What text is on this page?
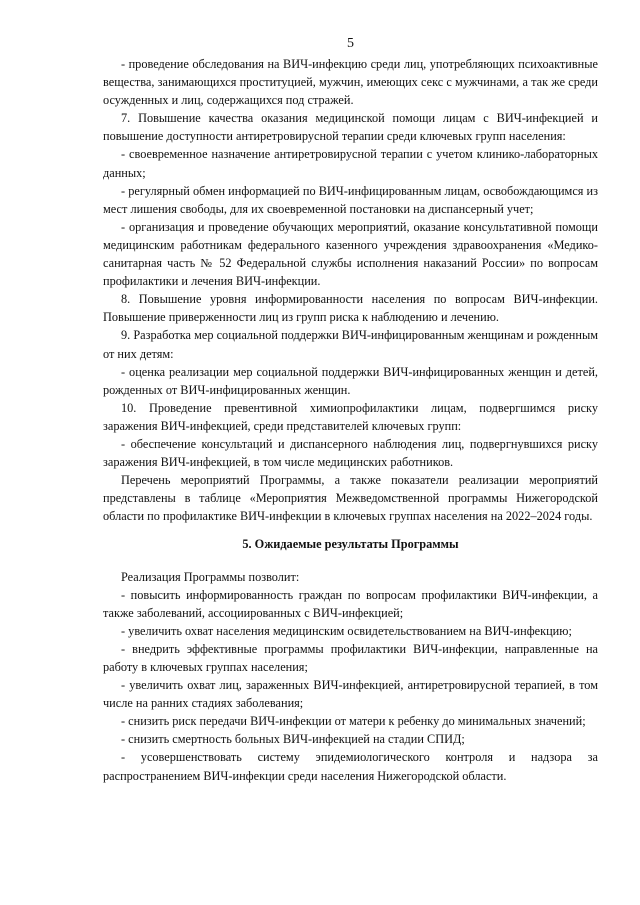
5

- проведение обследования на ВИЧ-инфекцию среди лиц, употребляющих психоактивные вещества, занимающихся проституцией, мужчин, имеющих секс с мужчинами, а так же среди осужденных и лиц, содержащихся под стражей.

7. Повышение качества оказания медицинской помощи лицам с ВИЧ-инфекцией и повышение доступности антиретровирусной терапии среди ключевых групп населения:

- своевременное назначение антиретровирусной терапии с учетом клинико-лабораторных данных;

- регулярный обмен информацией по ВИЧ-инфицированным лицам, освобождающимся из мест лишения свободы, для их своевременной постановки на диспансерный учет;

- организация и проведение обучающих мероприятий, оказание консультативной помощи медицинским работникам федерального казенного учреждения здравоохранения «Медико-санитарная часть № 52 Федеральной службы исполнения наказаний России» по вопросам профилактики и лечения ВИЧ-инфекции.

8. Повышение уровня информированности населения по вопросам ВИЧ-инфекции. Повышение приверженности лиц из групп риска к наблюдению и лечению.

9. Разработка мер социальной поддержки ВИЧ-инфицированным женщинам и рожденным от них детям:

- оценка реализации мер социальной поддержки ВИЧ-инфицированных женщин и детей, рожденных от ВИЧ-инфицированных женщин.

10. Проведение превентивной химиопрофилактики лицам, подвергшимся риску заражения ВИЧ-инфекцией, среди представителей ключевых групп:

- обеспечение консультаций и диспансерного наблюдения лиц, подвергнувшихся риску заражения ВИЧ-инфекцией, в том числе медицинских работников.

Перечень мероприятий Программы, а также показатели реализации мероприятий представлены в таблице «Мероприятия Межведомственной программы Нижегородской области по профилактике ВИЧ-инфекции в ключевых группах населения на 2022–2024 годы.

5. Ожидаемые результаты Программы

Реализация Программы позволит:

- повысить информированность граждан по вопросам профилактики ВИЧ-инфекции, а также заболеваний, ассоциированных с ВИЧ-инфекцией;

- увеличить охват населения медицинским освидетельствованием на ВИЧ-инфекцию;

- внедрить эффективные программы профилактики ВИЧ-инфекции, направленные на работу в ключевых группах населения;

- увеличить охват лиц, зараженных ВИЧ-инфекцией, антиретровирусной терапией, в том числе на ранних стадиях заболевания;

- снизить риск передачи ВИЧ-инфекции от матери к ребенку до минимальных значений;

- снизить смертность больных ВИЧ-инфекцией на стадии СПИД;

- усовершенствовать систему эпидемиологического контроля и надзора за распространением ВИЧ-инфекции среди населения Нижегородской области.
